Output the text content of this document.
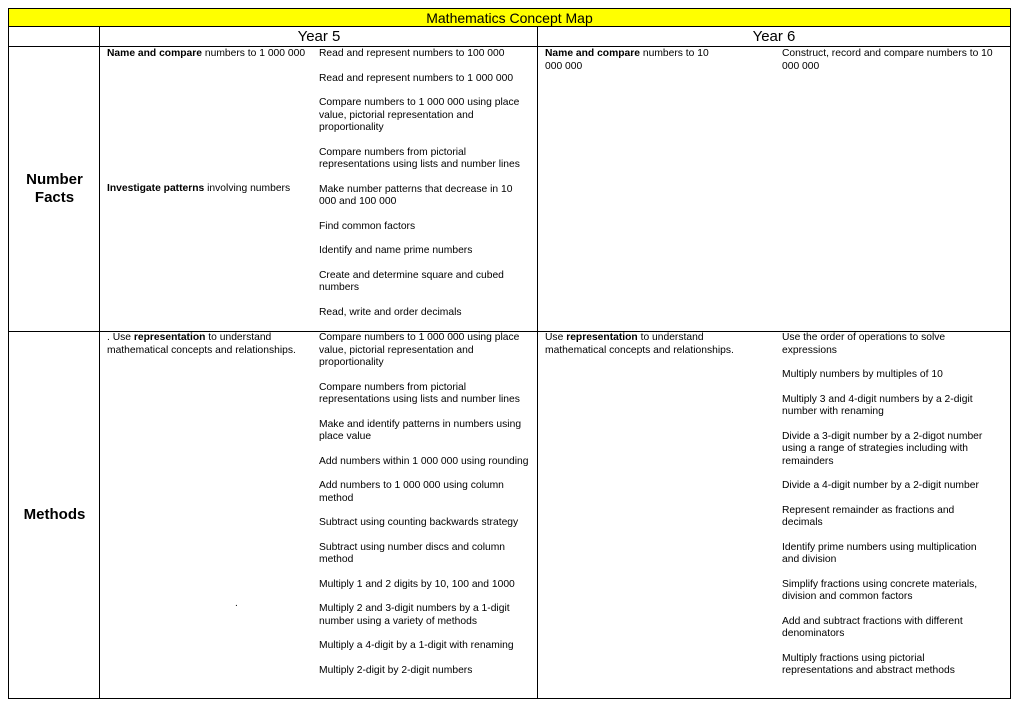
Mathematics Concept Map
Year 5	Year 6
Number Facts
Methods
Name and compare numbers to 1 000 000
Investigate patterns involving numbers

Read and represent numbers to 100 000

Read and represent numbers to 1 000 000

Compare numbers to 1 000 000 using place value, pictorial representation and proportionality

Compare numbers from pictorial representations using lists and number lines

Make number patterns that decrease in 10 000 and 100 000

Find common factors

Identify and name prime numbers

Create and determine square and cubed numbers

Read, write and order decimals

Name and compare numbers to 10 000 000

Construct, record and compare numbers to 10 000 000

. Use representation to understand mathematical concepts and relationships.
.

Compare numbers to 1 000 000 using place value, pictorial representation and proportionality

Compare numbers from pictorial representations using lists and number lines

Make and identify patterns in numbers using place value

Add numbers within 1 000 000 using rounding

Add numbers to 1 000 000 using column method

Subtract using counting backwards strategy

Subtract using number discs and column method

Multiply 1 and 2 digits by 10, 100 and 1000

Multiply 2 and 3-digit numbers by a 1-digit number using a variety of methods

Multiply a 4-digit by a 1-digit with renaming

Multiply 2-digit by 2-digit numbers

Use representation to understand mathematical concepts and relationships.

Use the order of operations to solve expressions

Multiply numbers by multiples of 10

Multiply 3 and 4-digit numbers by a 2-digit number with renaming

Divide a 3-digit number by a 2-digot number using a range of strategies including with remainders

Divide a 4-digit number by a 2-digit number

Represent remainder as fractions and decimals

Identify prime numbers using multiplication and division

Simplify fractions using concrete materials, division and common factors

Add and subtract fractions with different denominators

Multiply fractions using pictorial representations and abstract methods
